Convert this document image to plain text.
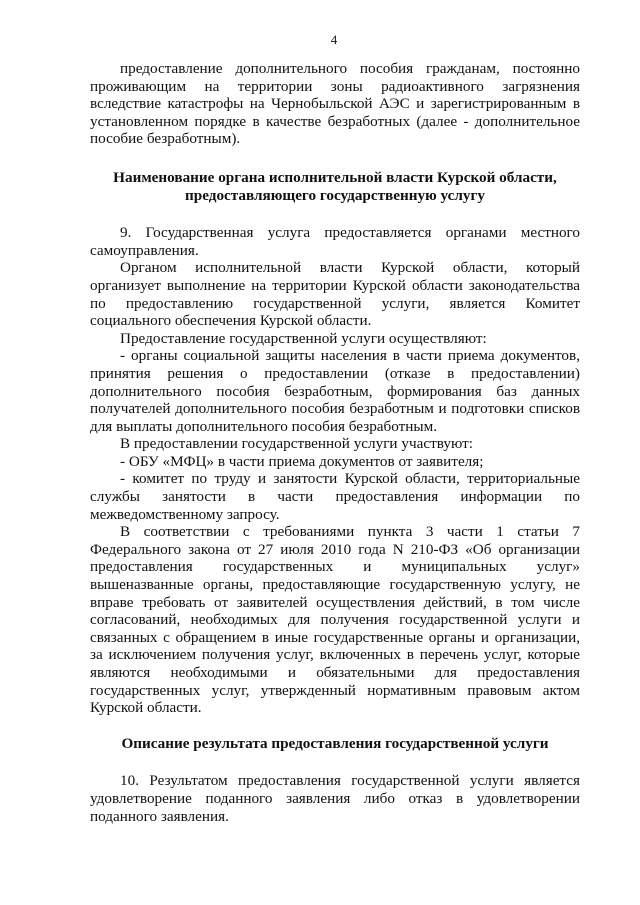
4

предоставление дополнительного пособия гражданам, постоянно проживающим на территории зоны радиоактивного загрязнения вследствие катастрофы на Чернобыльской АЭС и зарегистрированным в установленном порядке в качестве безработных (далее - дополнительное пособие безработным).

Наименование органа исполнительной власти Курской области,

предоставляющего государственную услугу

9. Государственная услуга предоставляется органами местного самоуправления.

Органом исполнительной власти Курской области, который организует выполнение на территории Курской области законодательства по предоставлению государственной услуги, является Комитет социального обеспечения Курской области.

Предоставление государственной услуги осуществляют:

- органы социальной защиты населения в части приема документов, принятия решения о предоставлении (отказе в предоставлении) дополнительного пособия безработным, формирования баз данных получателей дополнительного пособия безработным и подготовки списков для выплаты дополнительного пособия безработным.

В предоставлении государственной услуги участвуют:

- ОБУ «МФЦ» в части приема документов от заявителя;

- комитет по труду и занятости Курской области, территориальные службы занятости в части предоставления информации по межведомственному запросу.

В соответствии с требованиями пункта 3 части 1 статьи 7 Федерального закона от 27 июля 2010 года N 210-ФЗ «Об организации предоставления государственных и муниципальных услуг» вышеназванные органы, предоставляющие государственную услугу, не вправе требовать от заявителей осуществления действий, в том числе согласований, необходимых для получения государственной услуги и связанных с обращением в иные государственные органы и организации, за исключением получения услуг, включенных в перечень услуг, которые являются необходимыми и обязательными для предоставления государственных услуг, утвержденный нормативным правовым актом Курской области.

Описание результата предоставления государственной услуги

10. Результатом предоставления государственной услуги является удовлетворение поданного заявления либо отказ в удовлетворении поданного заявления.
